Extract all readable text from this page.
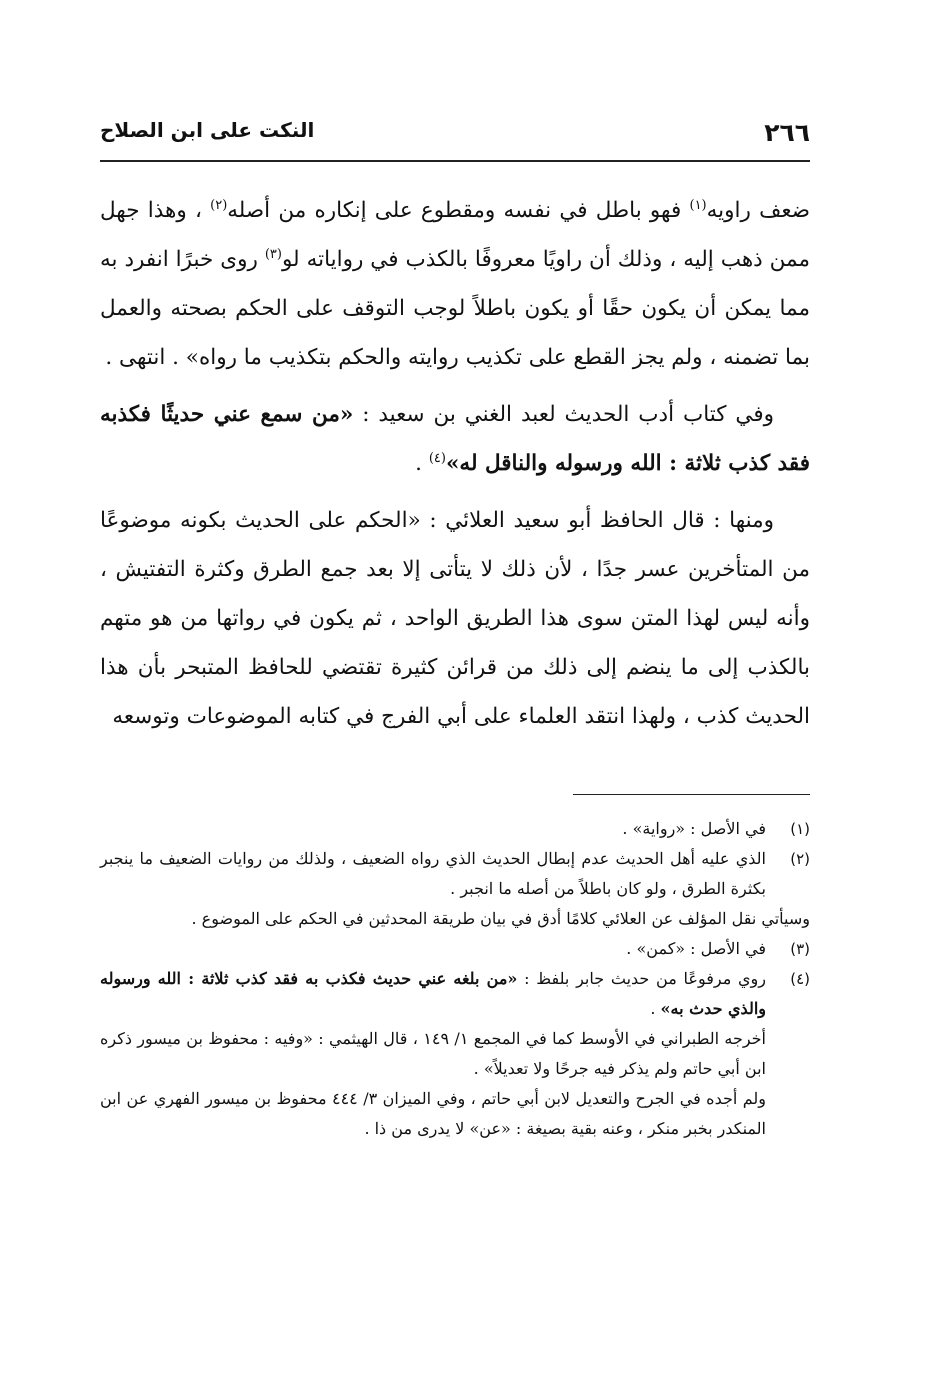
٢٦٦
النكت على ابن الصلاح

ضعف راويه$^{(١)}$ فهو باطل في نفسه ومقطوع على إنكاره من أصله$^{(٢)}$ ، وهذا جهل ممن ذهب إليه ، وذلك أن راويًا معروفًا بالكذب في رواياته لو$^{(٣)}$ روى خبرًا انفرد به مما يمكن أن يكون حقًا أو يكون باطلاً لوجب التوقف على الحكم بصحته والعمل بما تضمنه ، ولم يجز القطع على تكذيب روايته والحكم بتكذيب ما رواه» . انتهى .

وفي كتاب أدب الحديث لعبد الغني بن سعيد : «من سمع عني حديثًا فكذبه فقد كذب ثلاثة : الله ورسوله والناقل له»$^{(٤)}$ .

ومنها : قال الحافظ أبو سعيد العلائي : «الحكم على الحديث بكونه موضوعًا من المتأخرين عسر جدًا ، لأن ذلك لا يتأتى إلا بعد جمع الطرق وكثرة التفتيش ، وأنه ليس لهذا المتن سوى هذا الطريق الواحد ، ثم يكون في رواتها من هو متهم بالكذب إلى ما ينضم إلى ذلك من قرائن كثيرة تقتضي للحافظ المتبحر بأن هذا الحديث كذب ، ولهذا انتقد العلماء على أبي الفرج في كتابه الموضوعات وتوسعه

(١)

في الأصل : «رواية» .

(٢)

الذي عليه أهل الحديث عدم إبطال الحديث الذي رواه الضعيف ، ولذلك من روايات الضعيف ما ينجبر بكثرة الطرق ، ولو كان باطلاً من أصله ما انجبر .

وسيأتي نقل المؤلف عن العلائي كلامًا أدق في بيان طريقة المحدثين في الحكم على الموضوع .

(٣)

في الأصل : «كمن» .

(٤)

روي مرفوعًا من حديث جابر بلفظ : «من بلغه عني حديث فكذب به فقد كذب ثلاثة : الله ورسوله والذي حدث به» .

أخرجه الطبراني في الأوسط كما في المجمع ١/ ١٤٩ ، قال الهيثمي : «وفيه : محفوظ بن ميسور ذكره ابن أبي حاتم ولم يذكر فيه جرحًا ولا تعديلاً» .

ولم أجده في الجرح والتعديل لابن أبي حاتم ، وفي الميزان ٣/ ٤٤٤ محفوظ بن ميسور الفهري عن ابن المنكدر بخبر منكر ، وعنه بقية بصيغة : «عن» لا يدرى من ذا .
